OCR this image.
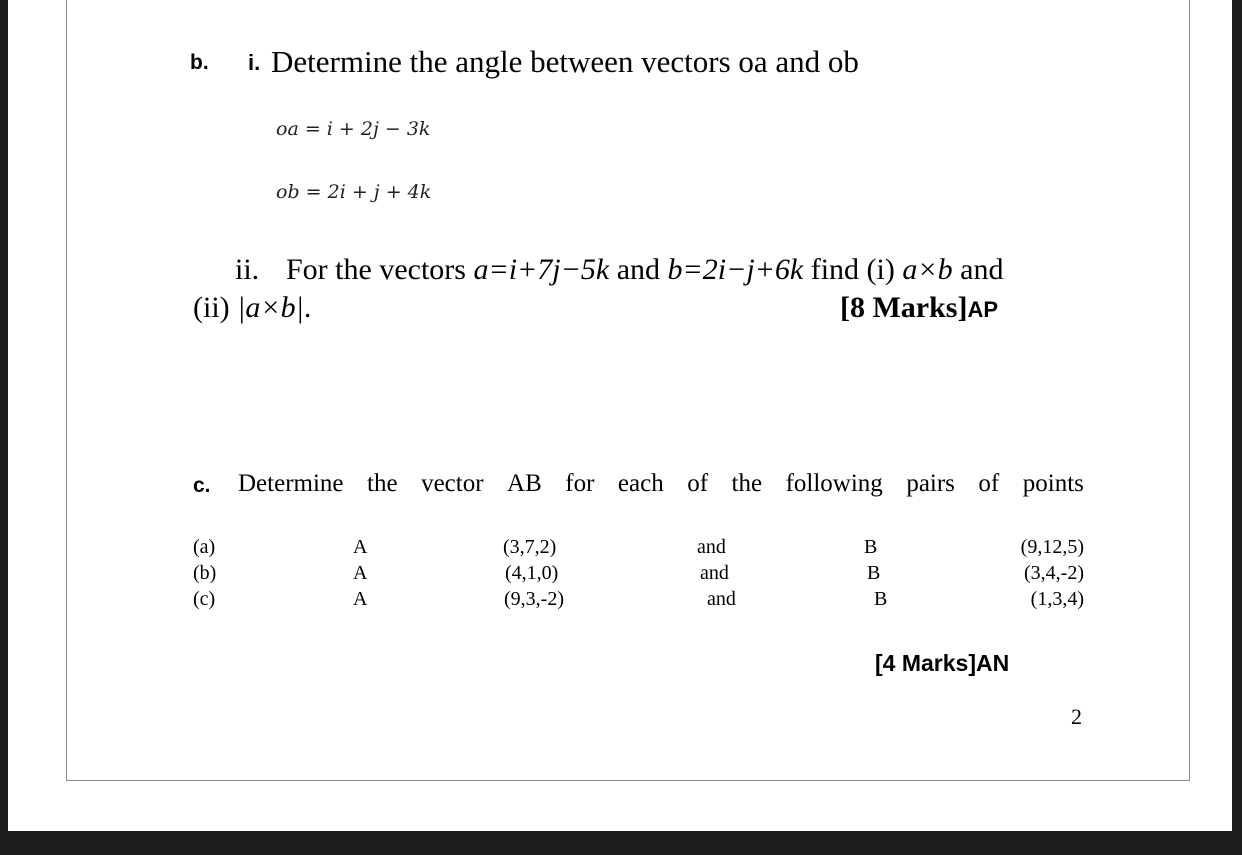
b. i. Determine the angle between vectors oa and ob
oa = i + 2j − 3k
ob = 2i + j + 4k
ii. For the vectors a=i+7j−5k and b=2i−j+6k find (i) a×b and
(ii) |a×b|.	[8 Marks]AP
c. Determine the vector AB for each of the following pairs of points
(a)	A	(3,7,2)	and	B	(9,12,5)
(b)	A	(4,1,0)	and	B	(3,4,-2)
(c)	A	(9,3,-2)	and	B	(1,3,4)
[4 Marks]AN
2
